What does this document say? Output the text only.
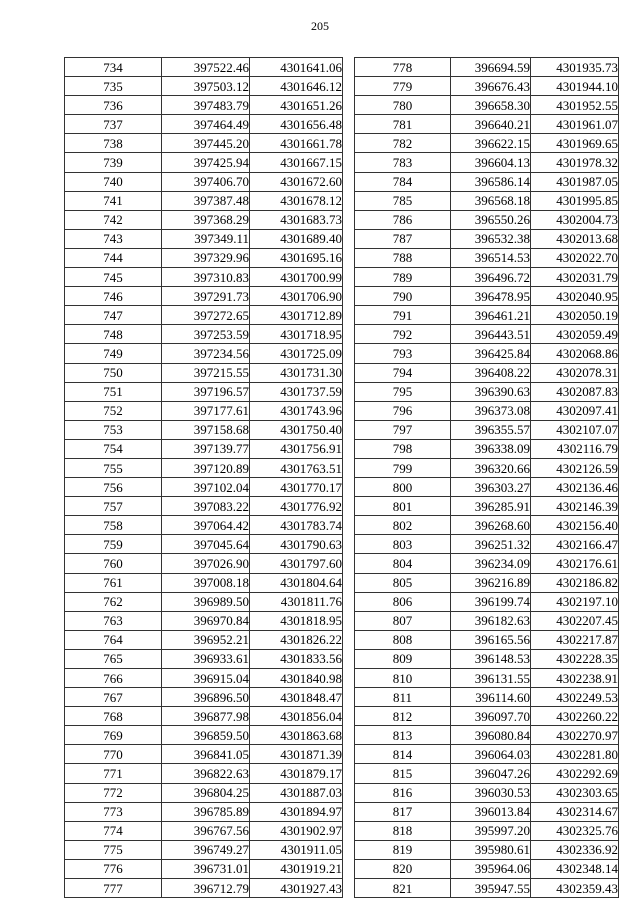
205
734	397522.46	4301641.06
735	397503.12	4301646.12
736	397483.79	4301651.26
737	397464.49	4301656.48
738	397445.20	4301661.78
739	397425.94	4301667.15
740	397406.70	4301672.60
741	397387.48	4301678.12
742	397368.29	4301683.73
743	397349.11	4301689.40
744	397329.96	4301695.16
745	397310.83	4301700.99
746	397291.73	4301706.90
747	397272.65	4301712.89
748	397253.59	4301718.95
749	397234.56	4301725.09
750	397215.55	4301731.30
751	397196.57	4301737.59
752	397177.61	4301743.96
753	397158.68	4301750.40
754	397139.77	4301756.91
755	397120.89	4301763.51
756	397102.04	4301770.17
757	397083.22	4301776.92
758	397064.42	4301783.74
759	397045.64	4301790.63
760	397026.90	4301797.60
761	397008.18	4301804.64
762	396989.50	4301811.76
763	396970.84	4301818.95
764	396952.21	4301826.22
765	396933.61	4301833.56
766	396915.04	4301840.98
767	396896.50	4301848.47
768	396877.98	4301856.04
769	396859.50	4301863.68
770	396841.05	4301871.39
771	396822.63	4301879.17
772	396804.25	4301887.03
773	396785.89	4301894.97
774	396767.56	4301902.97
775	396749.27	4301911.05
776	396731.01	4301919.21
777	396712.79	4301927.43
778	396694.59	4301935.73
779	396676.43	4301944.10
780	396658.30	4301952.55
781	396640.21	4301961.07
782	396622.15	4301969.65
783	396604.13	4301978.32
784	396586.14	4301987.05
785	396568.18	4301995.85
786	396550.26	4302004.73
787	396532.38	4302013.68
788	396514.53	4302022.70
789	396496.72	4302031.79
790	396478.95	4302040.95
791	396461.21	4302050.19
792	396443.51	4302059.49
793	396425.84	4302068.86
794	396408.22	4302078.31
795	396390.63	4302087.83
796	396373.08	4302097.41
797	396355.57	4302107.07
798	396338.09	4302116.79
799	396320.66	4302126.59
800	396303.27	4302136.46
801	396285.91	4302146.39
802	396268.60	4302156.40
803	396251.32	4302166.47
804	396234.09	4302176.61
805	396216.89	4302186.82
806	396199.74	4302197.10
807	396182.63	4302207.45
808	396165.56	4302217.87
809	396148.53	4302228.35
810	396131.55	4302238.91
811	396114.60	4302249.53
812	396097.70	4302260.22
813	396080.84	4302270.97
814	396064.03	4302281.80
815	396047.26	4302292.69
816	396030.53	4302303.65
817	396013.84	4302314.67
818	395997.20	4302325.76
819	395980.61	4302336.92
820	395964.06	4302348.14
821	395947.55	4302359.43
